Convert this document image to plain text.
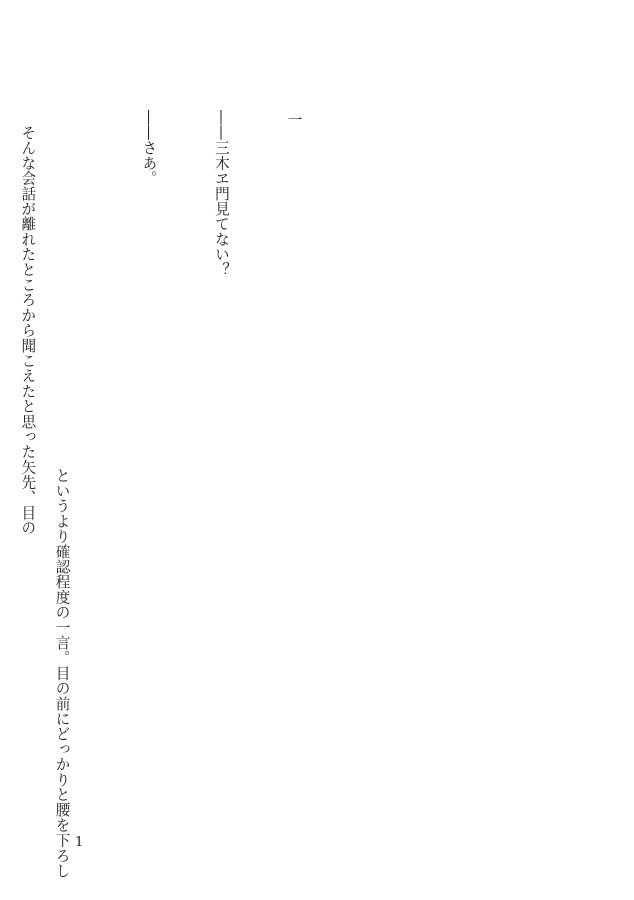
一

――三木ヱ門見てない？

――さあ。

　そんな会話が離れたところから聞こえたと思った矢先、目の

というより確認程度の一言。目の前にどっかりと腰を下ろし

1
